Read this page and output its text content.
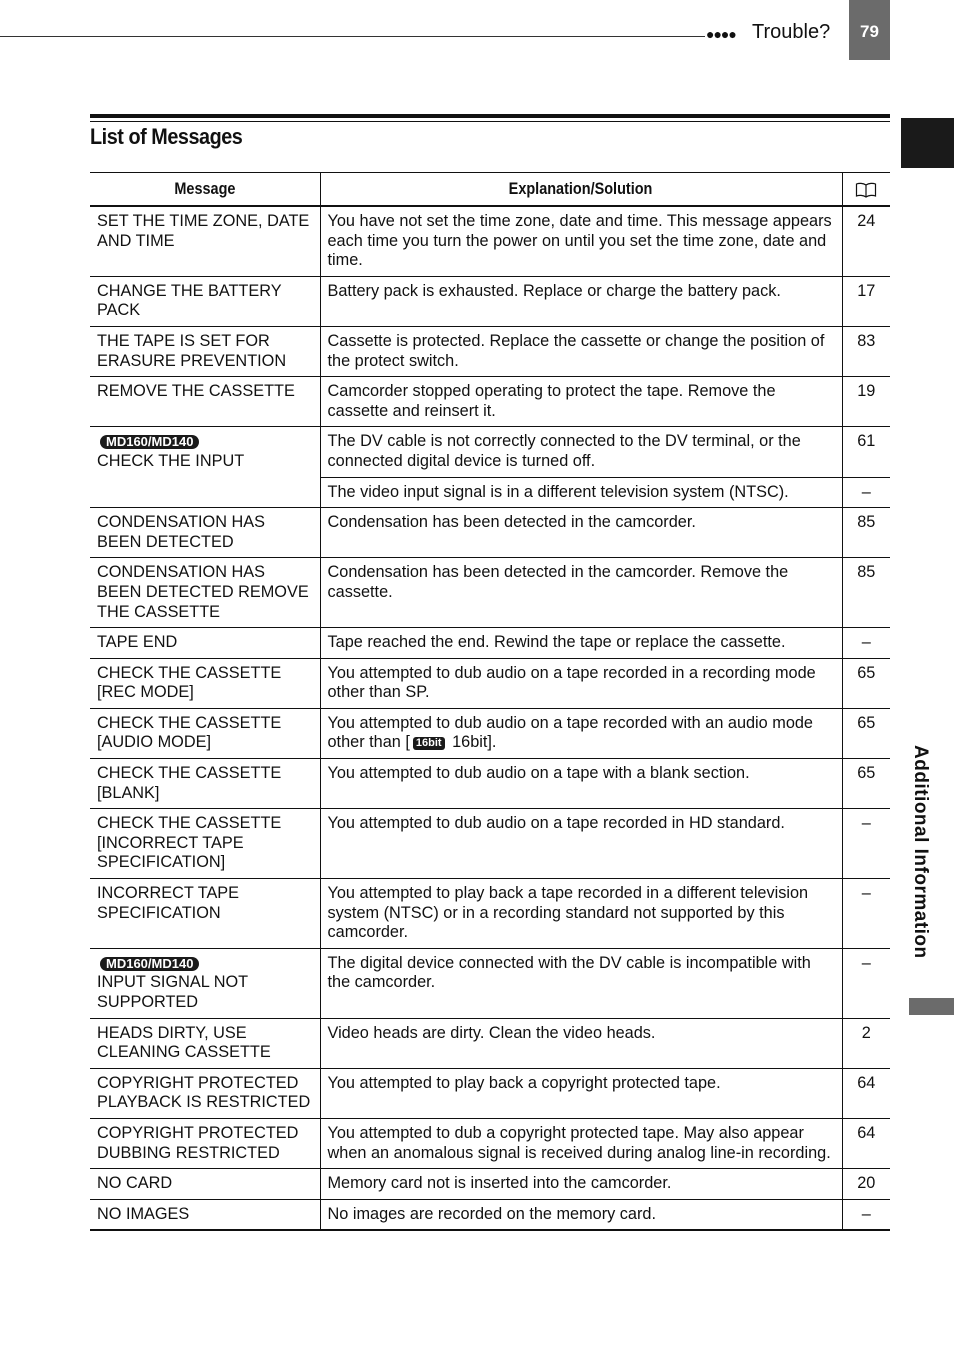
●●●● Trouble?	79
Additional Information
List of Messages
Message	Explanation/Solution	
SET THE TIME ZONE, DATE AND TIME	You have not set the time zone, date and time. This message appears each time you turn the power on until you set the time zone, date and time.	24
CHANGE THE BATTERY PACK	Battery pack is exhausted. Replace or charge the battery pack.	17
THE TAPE IS SET FOR ERASURE PREVENTION	Cassette is protected. Replace the cassette or change the position of the protect switch.	83
REMOVE THE CASSETTE	Camcorder stopped operating to protect the tape. Remove the cassette and reinsert it.	19
MD160/MD140
CHECK THE INPUT	The DV cable is not correctly connected to the DV terminal, or the connected digital device is turned off.	61
	The video input signal is in a different television system (NTSC).	–
CONDENSATION HAS BEEN DETECTED	Condensation has been detected in the camcorder.	85
CONDENSATION HAS BEEN DETECTED REMOVE THE CASSETTE	Condensation has been detected in the camcorder. Remove the cassette.	85
TAPE END	Tape reached the end. Rewind the tape or replace the cassette.	–
CHECK THE CASSETTE [REC MODE]	You attempted to dub audio on a tape recorded in a recording mode other than SP.	65
CHECK THE CASSETTE [AUDIO MODE]	You attempted to dub audio on a tape recorded with an audio mode other than [ 16bit 16bit].	65
CHECK THE CASSETTE [BLANK]	You attempted to dub audio on a tape with a blank section.	65
CHECK THE CASSETTE [INCORRECT TAPE SPECIFICATION]	You attempted to dub audio on a tape recorded in HD standard.	–
INCORRECT TAPE SPECIFICATION	You attempted to play back a tape recorded in a different television system (NTSC) or in a recording standard not supported by this camcorder.	–
MD160/MD140
INPUT SIGNAL NOT SUPPORTED	The digital device connected with the DV cable is incompatible with the camcorder.	–
HEADS DIRTY, USE CLEANING CASSETTE	Video heads are dirty. Clean the video heads.	2
COPYRIGHT PROTECTED PLAYBACK IS RESTRICTED	You attempted to play back a copyright protected tape.	64
COPYRIGHT PROTECTED DUBBING RESTRICTED	You attempted to dub a copyright protected tape. May also appear when an anomalous signal is received during analog line-in recording.	64
NO CARD	Memory card not is inserted into the camcorder.	20
NO IMAGES	No images are recorded on the memory card.	–
